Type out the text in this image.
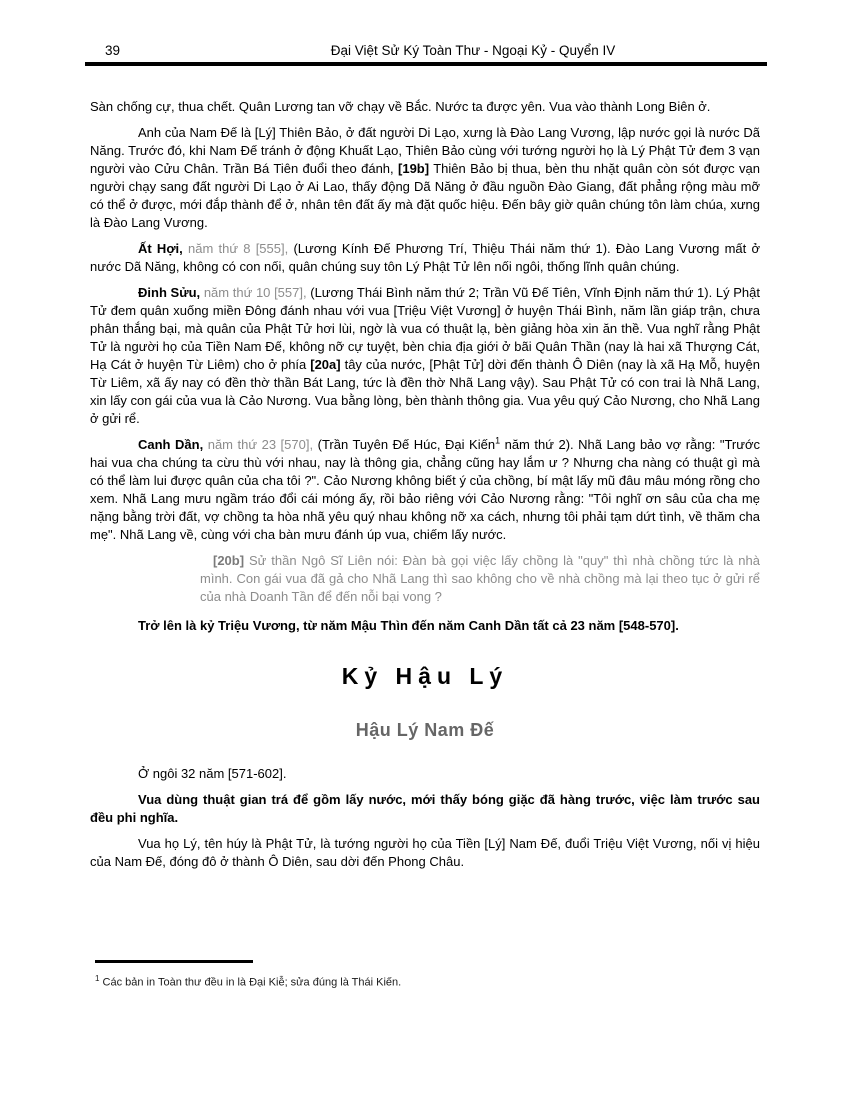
39	Đại Việt Sử Ký Toàn Thư - Ngoại Kỷ - Quyển IV

Sàn chống cự, thua chết. Quân Lương tan vỡ chạy về Bắc. Nước ta được yên. Vua vào thành Long Biên ở.

Anh của Nam Đế là [Lý] Thiên Bảo, ở đất người Di Lạo, xưng là Đào Lang Vương, lập nước gọi là nước Dã Năng. Trước đó, khi Nam Đế tránh ở động Khuất Lạo, Thiên Bảo cùng với tướng người họ là Lý Phật Tử đem 3 vạn người vào Cửu Chân. Trần Bá Tiên đuổi theo đánh, [19b] Thiên Bảo bị thua, bèn thu nhặt quân còn sót được vạn người chạy sang đất người Di Lạo ở Ai Lao, thấy động Dã Năng ở đầu nguồn Đào Giang, đất phẳng rộng màu mỡ có thể ở được, mới đắp thành để ở, nhân tên đất ấy mà đặt quốc hiệu. Đến bây giờ quân chúng tôn làm chúa, xưng là Đào Lang Vương.

Ất Hợi, năm thứ 8 [555], (Lương Kính Đế Phương Trí, Thiệu Thái năm thứ 1). Đào Lang Vương mất ở nước Dã Năng, không có con nối, quân chúng suy tôn Lý Phật Tử lên nối ngôi, thống lĩnh quân chúng.

Đinh Sửu, năm thứ 10 [557], (Lương Thái Bình năm thứ 2; Trần Vũ Đế Tiên, Vĩnh Định năm thứ 1). Lý Phật Tử đem quân xuống miền Đông đánh nhau với vua [Triệu Việt Vương] ở huyện Thái Bình, năm lần giáp trận, chưa phân thắng bại, mà quân của Phật Tử hơi lùi, ngờ là vua có thuật lạ, bèn giảng hòa xin ăn thề. Vua nghĩ rằng Phật Tử là người họ của Tiền Nam Đế, không nỡ cự tuyệt, bèn chia địa giới ở bãi Quân Thần (nay là hai xã Thượng Cát, Hạ Cát ở huyện Từ Liêm) cho ở phía [20a] tây của nước, [Phật Tử] dời đến thành Ô Diên (nay là xã Hạ Mỗ, huyện Từ Liêm, xã ấy nay có đền thờ thần Bát Lang, tức là đền thờ Nhã Lang vậy). Sau Phật Tử có con trai là Nhã Lang, xin lấy con gái của vua là Cảo Nương. Vua bằng lòng, bèn thành thông gia. Vua yêu quý Cảo Nương, cho Nhã Lang ở gửi rể.

Canh Dần, năm thứ 23 [570], (Trần Tuyên Đế Húc, Đại Kiến$^1$ năm thứ 2). Nhã Lang bảo vợ rằng: "Trước hai vua cha chúng ta cừu thù với nhau, nay là thông gia, chẳng cũng hay lắm ư ? Nhưng cha nàng có thuật gì mà có thể làm lui được quân của cha tôi ?". Cảo Nương không biết ý của chồng, bí mật lấy mũ đâu mâu móng rồng cho xem. Nhã Lang mưu ngầm tráo đổi cái móng ấy, rồi bảo riêng với Cảo Nương rằng: "Tôi nghĩ ơn sâu của cha mẹ nặng bằng trời đất, vợ chồng ta hòa nhã yêu quý nhau không nỡ xa cách, nhưng tôi phải tạm dứt tình, về thăm cha mẹ". Nhã Lang về, cùng với cha bàn mưu đánh úp vua, chiếm lấy nước.

[20b] Sử thần Ngô Sĩ Liên nói: Đàn bà gọi việc lấy chồng là "quy" thì nhà chồng tức là nhà mình. Con gái vua đã gả cho Nhã Lang thì sao không cho về nhà chồng mà lại theo tục ở gửi rể của nhà Doanh Tần để đến nỗi bại vong ?

Trở lên là kỷ Triệu Vương, từ năm Mậu Thìn đến năm Canh Dần tất cả 23 năm [548-570].

Kỷ Hậu Lý

Hậu Lý Nam Đế

Ở ngôi 32 năm [571-602].

Vua dùng thuật gian trá để gồm lấy nước, mới thấy bóng giặc đã hàng trước, việc làm trước sau đều phi nghĩa.

Vua họ Lý, tên húy là Phật Tử, là tướng người họ của Tiền [Lý] Nam Đế, đuổi Triệu Việt Vương, nối vị hiệu của Nam Đế, đóng đô ở thành Ô Diên, sau dời đến Phong Châu.

$^1$ Các bản in Toàn thư đều in là Đại Kiễ; sửa đúng là Thái Kiến.
